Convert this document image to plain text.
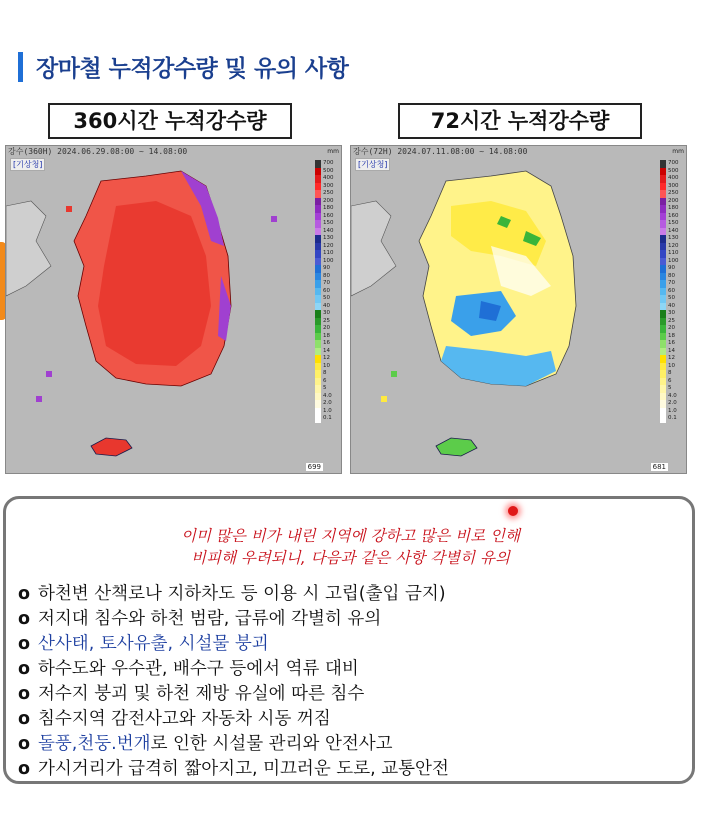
장마철 누적강수량 및 유의 사항
360시간 누적강수량	72시간 누적강수량
강수(360H) 2024.06.29.08:00 ~ 14.08:00
[기상청]
699
mm
700
500
400
300
250
200
180
160
150
140
130
120
110
100
90
80
70
60
50
40
30
25
20
18
16
14
12
10
8
6
5
4.0
2.0
1.0
0.1
강수(72H) 2024.07.11.08:00 ~ 14.08:00
[기상청]
681
mm
700
500
400
300
250
200
180
160
150
140
130
120
110
100
90
80
70
60
50
40
30
25
20
18
16
14
12
10
8
6
5
4.0
2.0
1.0
0.1
이미 많은 비가 내린 지역에 강하고 많은 비로 인해
비피해 우려되니, 다음과 같은 사항 각별히 유의
o 하천변 산책로나 지하차도 등 이용 시 고립(출입 금지)
o 저지대 침수와 하천 범람, 급류에 각별히 유의
o 산사태, 토사유출, 시설물 붕괴
o 하수도와 우수관, 배수구 등에서 역류 대비
o 저수지 붕괴 및 하천 제방 유실에 따른 침수
o 침수지역 감전사고와 자동차 시동 꺼짐
o 돌풍,천둥.번개로 인한 시설물 관리와 안전사고
o 가시거리가 급격히 짧아지고, 미끄러운 도로, 교통안전
